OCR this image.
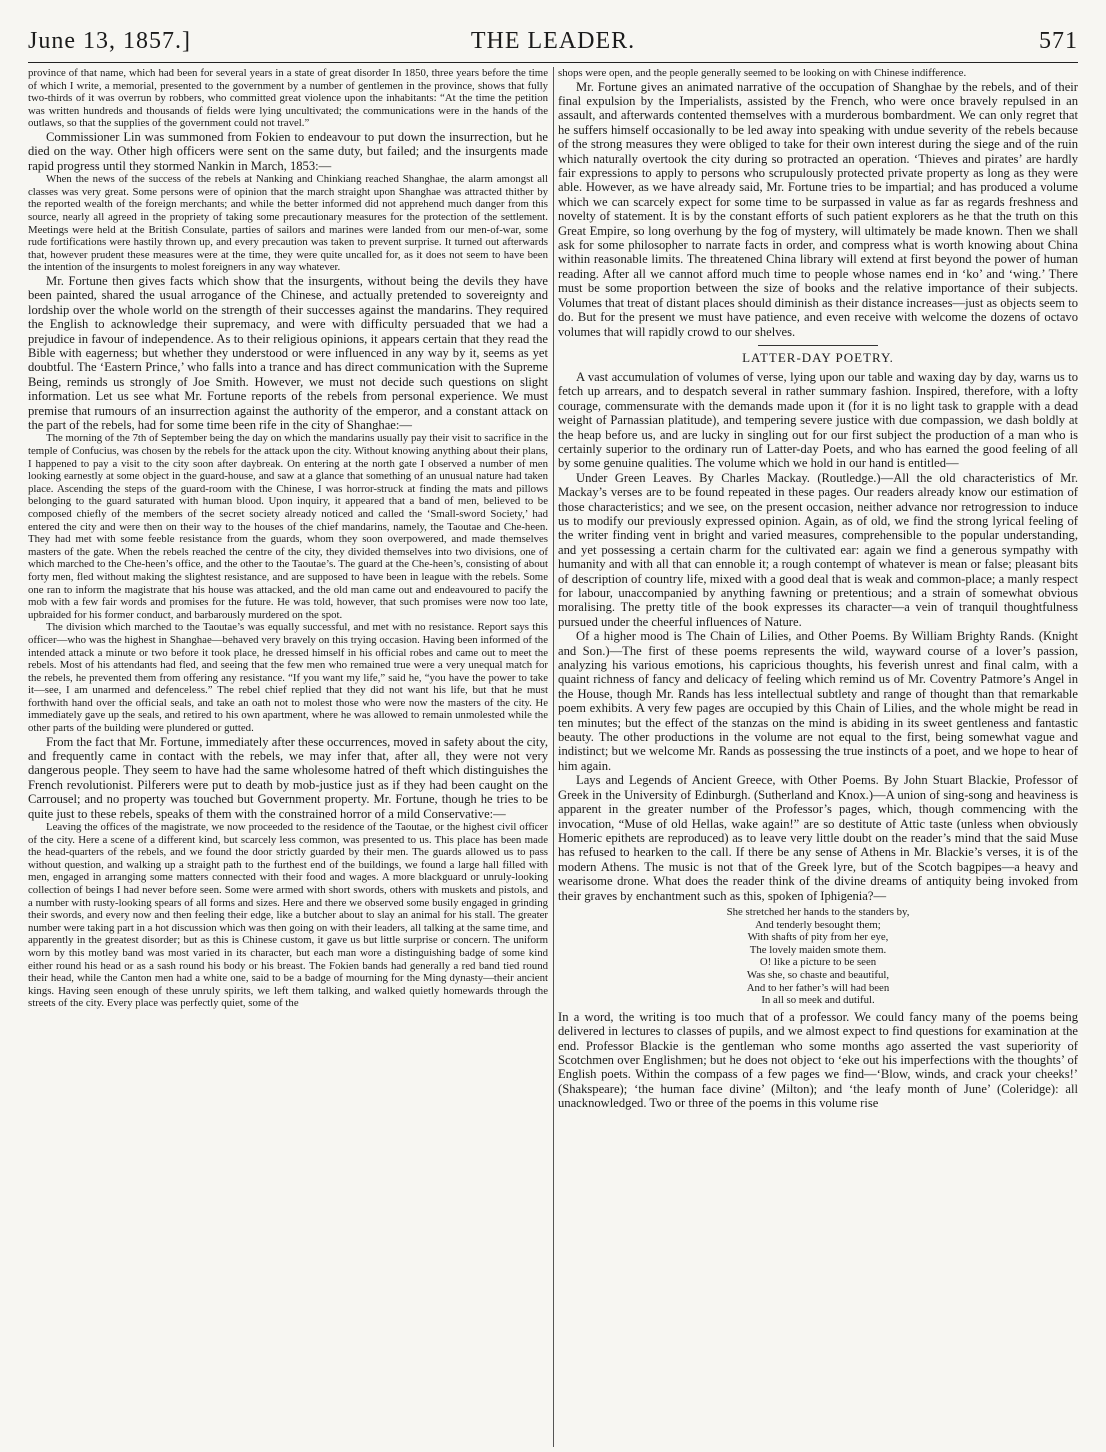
June 13, 1857.]	THE LEADER.	571

province of that name, which had been for several years in a state of great disorder In 1850, three years before the time of which I write, a memorial, presented to the government by a number of gentlemen in the province, shows that fully two-thirds of it was overrun by robbers, who committed great violence upon the inhabitants: “At the time the petition was written hundreds and thousands of fields were lying uncultivated; the communications were in the hands of the outlaws, so that the supplies of the government could not travel.”

Commissioner Lin was summoned from Fokien to endeavour to put down the insurrection, but he died on the way. Other high officers were sent on the same duty, but failed; and the insurgents made rapid progress until they stormed Nankin in March, 1853:—

When the news of the success of the rebels at Nanking and Chinkiang reached Shanghae, the alarm amongst all classes was very great. Some persons were of opinion that the march straight upon Shanghae was attracted thither by the reported wealth of the foreign merchants; and while the better informed did not apprehend much danger from this source, nearly all agreed in the propriety of taking some precautionary measures for the protection of the settlement. Meetings were held at the British Consulate, parties of sailors and marines were landed from our men-of-war, some rude fortifications were hastily thrown up, and every precaution was taken to prevent surprise. It turned out afterwards that, however prudent these measures were at the time, they were quite uncalled for, as it does not seem to have been the intention of the insurgents to molest foreigners in any way whatever.

Mr. Fortune then gives facts which show that the insurgents, without being the devils they have been painted, shared the usual arrogance of the Chinese, and actually pretended to sovereignty and lordship over the whole world on the strength of their successes against the mandarins. They required the English to acknowledge their supremacy, and were with difficulty persuaded that we had a prejudice in favour of independence. As to their religious opinions, it appears certain that they read the Bible with eagerness; but whether they understood or were influenced in any way by it, seems as yet doubtful. The ‘Eastern Prince,’ who falls into a trance and has direct communication with the Supreme Being, reminds us strongly of Joe Smith. However, we must not decide such questions on slight information. Let us see what Mr. Fortune reports of the rebels from personal experience. We must premise that rumours of an insurrection against the authority of the emperor, and a constant attack on the part of the rebels, had for some time been rife in the city of Shanghae:—

The morning of the 7th of September being the day on which the mandarins usually pay their visit to sacrifice in the temple of Confucius, was chosen by the rebels for the attack upon the city. Without knowing anything about their plans, I happened to pay a visit to the city soon after daybreak. On entering at the north gate I observed a number of men looking earnestly at some object in the guard-house, and saw at a glance that something of an unusual nature had taken place. Ascending the steps of the guard-room with the Chinese, I was horror-struck at finding the mats and pillows belonging to the guard saturated with human blood. Upon inquiry, it appeared that a band of men, believed to be composed chiefly of the members of the secret society already noticed and called the ‘Small-sword Society,’ had entered the city and were then on their way to the houses of the chief mandarins, namely, the Taoutae and Che-heen. They had met with some feeble resistance from the guards, whom they soon overpowered, and made themselves masters of the gate. When the rebels reached the centre of the city, they divided themselves into two divisions, one of which marched to the Che-heen’s office, and the other to the Taoutae’s. The guard at the Che-heen’s, consisting of about forty men, fled without making the slightest resistance, and are supposed to have been in league with the rebels. Some one ran to inform the magistrate that his house was attacked, and the old man came out and endeavoured to pacify the mob with a few fair words and promises for the future. He was told, however, that such promises were now too late, upbraided for his former conduct, and barbarously murdered on the spot.

The division which marched to the Taoutae’s was equally successful, and met with no resistance. Report says this officer—who was the highest in Shanghae—behaved very bravely on this trying occasion. Having been informed of the intended attack a minute or two before it took place, he dressed himself in his official robes and came out to meet the rebels. Most of his attendants had fled, and seeing that the few men who remained true were a very unequal match for the rebels, he prevented them from offering any resistance. “If you want my life,” said he, “you have the power to take it—see, I am unarmed and defenceless.” The rebel chief replied that they did not want his life, but that he must forthwith hand over the official seals, and take an oath not to molest those who were now the masters of the city. He immediately gave up the seals, and retired to his own apartment, where he was allowed to remain unmolested while the other parts of the building were plundered or gutted.

From the fact that Mr. Fortune, immediately after these occurrences, moved in safety about the city, and frequently came in contact with the rebels, we may infer that, after all, they were not very dangerous people. They seem to have had the same wholesome hatred of theft which distinguishes the French revolutionist. Pilferers were put to death by mob-justice just as if they had been caught on the Carrousel; and no property was touched but Government property. Mr. Fortune, though he tries to be quite just to these rebels, speaks of them with the constrained horror of a mild Conservative:—

Leaving the offices of the magistrate, we now proceeded to the residence of the Taoutae, or the highest civil officer of the city. Here a scene of a different kind, but scarcely less common, was presented to us. This place has been made the head-quarters of the rebels, and we found the door strictly guarded by their men. The guards allowed us to pass without question, and walking up a straight path to the furthest end of the buildings, we found a large hall filled with men, engaged in arranging some matters connected with their food and wages. A more blackguard or unruly-looking collection of beings I had never before seen. Some were armed with short swords, others with muskets and pistols, and a number with rusty-looking spears of all forms and sizes. Here and there we observed some busily engaged in grinding their swords, and every now and then feeling their edge, like a butcher about to slay an animal for his stall. The greater number were taking part in a hot discussion which was then going on with their leaders, all talking at the same time, and apparently in the greatest disorder; but as this is Chinese custom, it gave us but little surprise or concern. The uniform worn by this motley band was most varied in its character, but each man wore a distinguishing badge of some kind either round his head or as a sash round his body or his breast. The Fokien bands had generally a red band tied round their head, while the Canton men had a white one, said to be a badge of mourning for the Ming dynasty—their ancient kings. Having seen enough of these unruly spirits, we left them talking, and walked quietly homewards through the streets of the city. Every place was perfectly quiet, some of the

shops were open, and the people generally seemed to be looking on with Chinese indifference.

Mr. Fortune gives an animated narrative of the occupation of Shanghae by the rebels, and of their final expulsion by the Imperialists, assisted by the French, who were once bravely repulsed in an assault, and afterwards contented themselves with a murderous bombardment. We can only regret that he suffers himself occasionally to be led away into speaking with undue severity of the rebels because of the strong measures they were obliged to take for their own interest during the siege and of the ruin which naturally overtook the city during so protracted an operation. ‘Thieves and pirates’ are hardly fair expressions to apply to persons who scrupulously protected private property as long as they were able. However, as we have already said, Mr. Fortune tries to be impartial; and has produced a volume which we can scarcely expect for some time to be surpassed in value as far as regards freshness and novelty of statement. It is by the constant efforts of such patient explorers as he that the truth on this Great Empire, so long overhung by the fog of mystery, will ultimately be made known. Then we shall ask for some philosopher to narrate facts in order, and compress what is worth knowing about China within reasonable limits. The threatened China library will extend at first beyond the power of human reading. After all we cannot afford much time to people whose names end in ‘ko’ and ‘wing.’ There must be some proportion between the size of books and the relative importance of their subjects. Volumes that treat of distant places should diminish as their distance increases—just as objects seem to do. But for the present we must have patience, and even receive with welcome the dozens of octavo volumes that will rapidly crowd to our shelves.

LATTER-DAY POETRY.

A vast accumulation of volumes of verse, lying upon our table and waxing day by day, warns us to fetch up arrears, and to despatch several in rather summary fashion. Inspired, therefore, with a lofty courage, commensurate with the demands made upon it (for it is no light task to grapple with a dead weight of Parnassian platitude), and tempering severe justice with due compassion, we dash boldly at the heap before us, and are lucky in singling out for our first subject the production of a man who is certainly superior to the ordinary run of Latter-day Poets, and who has earned the good feeling of all by some genuine qualities. The volume which we hold in our hand is entitled—

Under Green Leaves. By Charles Mackay. (Routledge.)—All the old characteristics of Mr. Mackay’s verses are to be found repeated in these pages. Our readers already know our estimation of those characteristics; and we see, on the present occasion, neither advance nor retrogression to induce us to modify our previously expressed opinion. Again, as of old, we find the strong lyrical feeling of the writer finding vent in bright and varied measures, comprehensible to the popular understanding, and yet possessing a certain charm for the cultivated ear: again we find a generous sympathy with humanity and with all that can ennoble it; a rough contempt of whatever is mean or false; pleasant bits of description of country life, mixed with a good deal that is weak and common-place; a manly respect for labour, unaccompanied by anything fawning or pretentious; and a strain of somewhat obvious moralising. The pretty title of the book expresses its character—a vein of tranquil thoughtfulness pursued under the cheerful influences of Nature.

Of a higher mood is The Chain of Lilies, and Other Poems. By William Brighty Rands. (Knight and Son.)—The first of these poems represents the wild, wayward course of a lover’s passion, analyzing his various emotions, his capricious thoughts, his feverish unrest and final calm, with a quaint richness of fancy and delicacy of feeling which remind us of Mr. Coventry Patmore’s Angel in the House, though Mr. Rands has less intellectual subtlety and range of thought than that remarkable poem exhibits. A very few pages are occupied by this Chain of Lilies, and the whole might be read in ten minutes; but the effect of the stanzas on the mind is abiding in its sweet gentleness and fantastic beauty. The other productions in the volume are not equal to the first, being somewhat vague and indistinct; but we welcome Mr. Rands as possessing the true instincts of a poet, and we hope to hear of him again.

Lays and Legends of Ancient Greece, with Other Poems. By John Stuart Blackie, Professor of Greek in the University of Edinburgh. (Sutherland and Knox.)—A union of sing-song and heaviness is apparent in the greater number of the Professor’s pages, which, though commencing with the invocation, “Muse of old Hellas, wake again!” are so destitute of Attic taste (unless when obviously Homeric epithets are reproduced) as to leave very little doubt on the reader’s mind that the said Muse has refused to hearken to the call. If there be any sense of Athens in Mr. Blackie’s verses, it is of the modern Athens. The music is not that of the Greek lyre, but of the Scotch bagpipes—a heavy and wearisome drone. What does the reader think of the divine dreams of antiquity being invoked from their graves by enchantment such as this, spoken of Iphigenia?—

She stretched her hands to the standers by,
And tenderly besought them;
With shafts of pity from her eye,
The lovely maiden smote them.
O! like a picture to be seen
Was she, so chaste and beautiful,
And to her father’s will had been
In all so meek and dutiful.

In a word, the writing is too much that of a professor. We could fancy many of the poems being delivered in lectures to classes of pupils, and we almost expect to find questions for examination at the end. Professor Blackie is the gentleman who some months ago asserted the vast superiority of Scotchmen over Englishmen; but he does not object to ‘eke out his imperfections with the thoughts’ of English poets. Within the compass of a few pages we find—‘Blow, winds, and crack your cheeks!’ (Shakspeare); ‘the human face divine’ (Milton); and ‘the leafy month of June’ (Coleridge): all unacknowledged. Two or three of the poems in this volume rise
